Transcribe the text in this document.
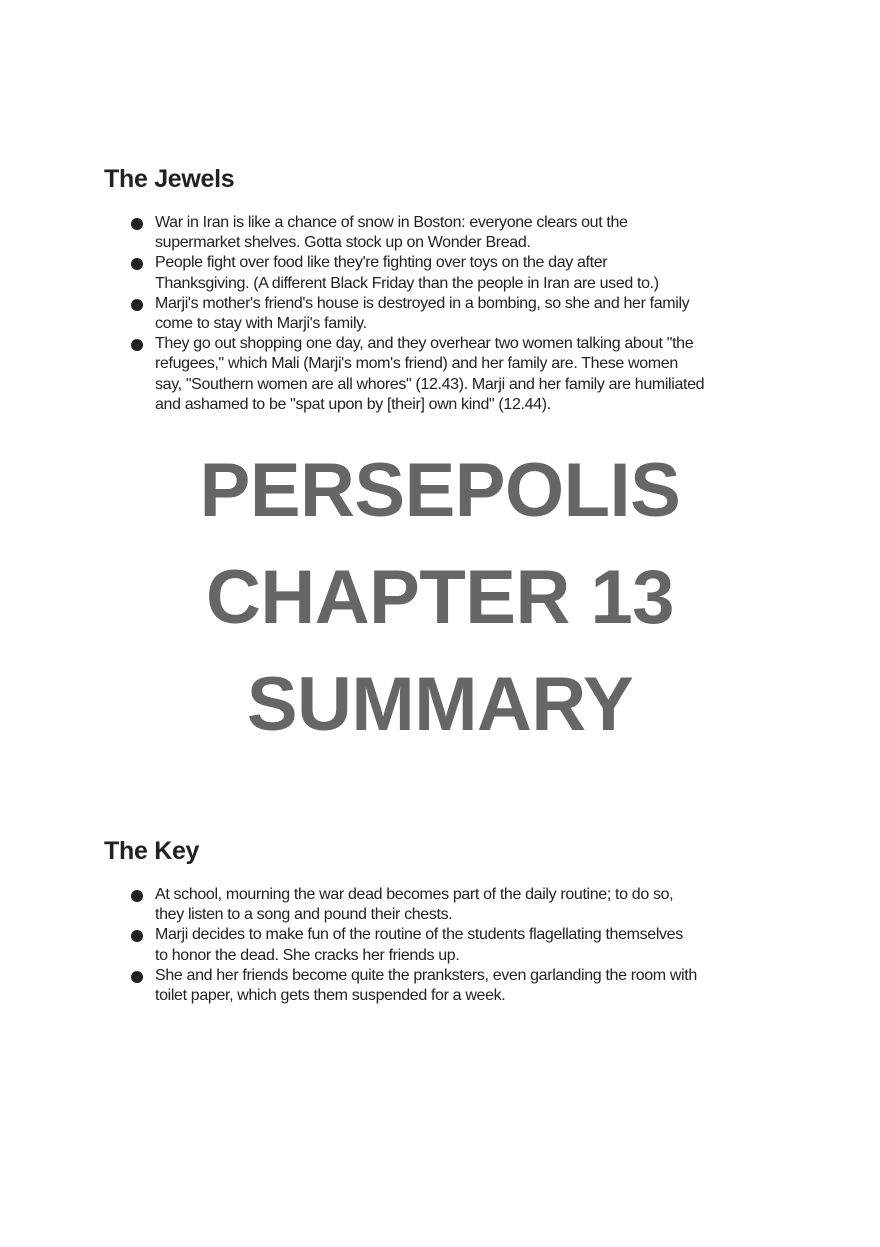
The Jewels
War in Iran is like a chance of snow in Boston: everyone clears out the
supermarket shelves. Gotta stock up on Wonder Bread.
People fight over food like they're fighting over toys on the day after
Thanksgiving. (A different Black Friday than the people in Iran are used to.)
Marji's mother's friend's house is destroyed in a bombing, so she and her family
come to stay with Marji's family.
They go out shopping one day, and they overhear two women talking about "the
refugees," which Mali (Marji's mom's friend) and her family are. These women
say, "Southern women are all whores" (12.43). Marji and her family are humiliated
and ashamed to be "spat upon by [their] own kind" (12.44).
PERSEPOLIS
CHAPTER 13
SUMMARY
The Key
At school, mourning the war dead becomes part of the daily routine; to do so,
they listen to a song and pound their chests.
Marji decides to make fun of the routine of the students flagellating themselves
to honor the dead. She cracks her friends up.
She and her friends become quite the pranksters, even garlanding the room with
toilet paper, which gets them suspended for a week.
